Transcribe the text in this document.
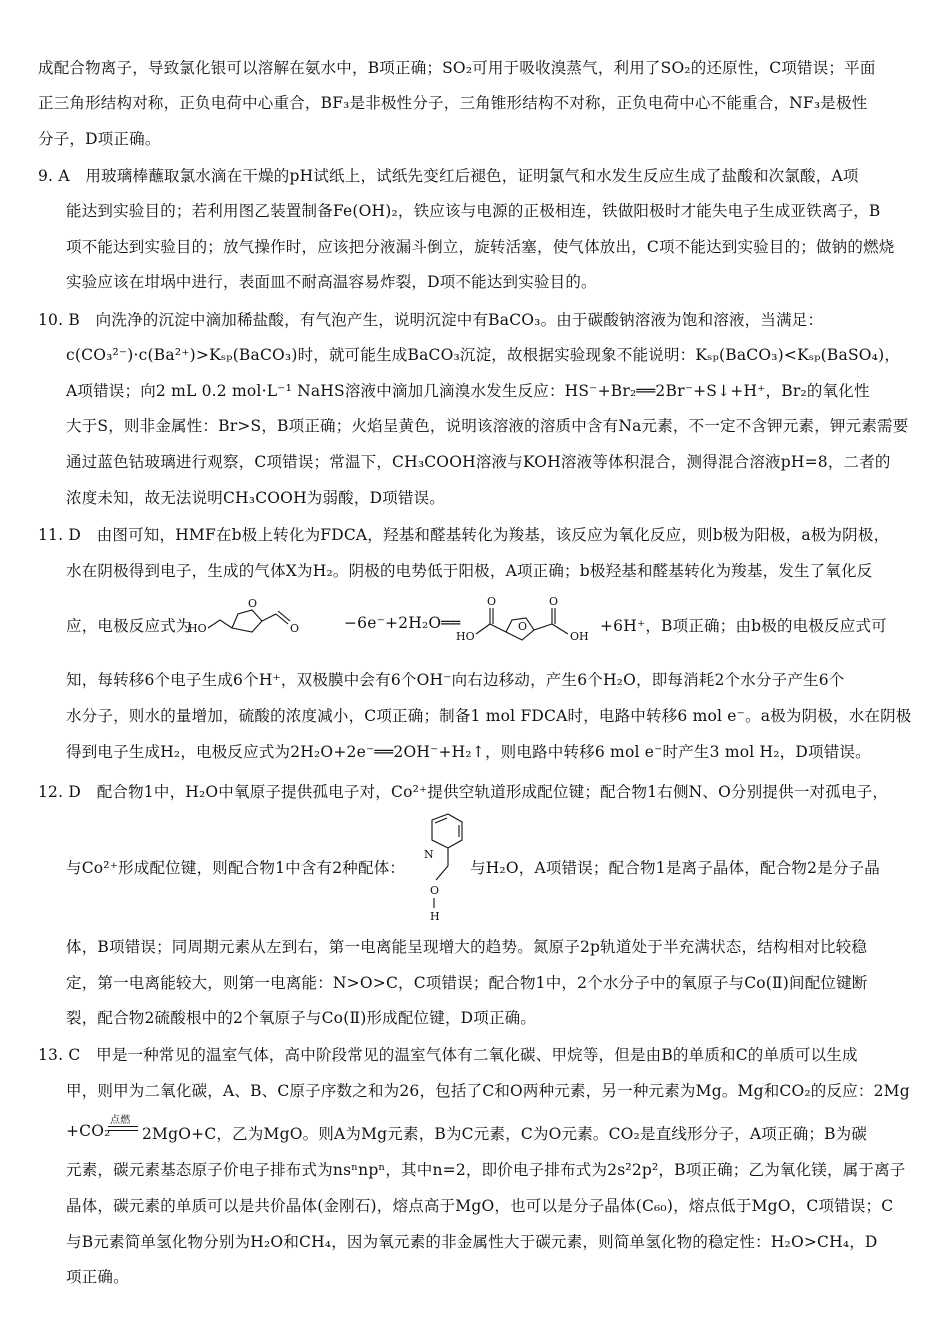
成配合物离子，导致氯化银可以溶解在氨水中，B项正确；SO₂可用于吸收溴蒸气，利用了SO₂的还原性，C项错误；平面
正三角形结构对称，正负电荷中心重合，BF₃是非极性分子，三角锥形结构不对称，正负电荷中心不能重合，NF₃是极性
分子，D项正确。
9. A　用玻璃棒蘸取氯水滴在干燥的pH试纸上，试纸先变红后褪色，证明氯气和水发生反应生成了盐酸和次氯酸，A项
能达到实验目的；若利用图乙装置制备Fe(OH)₂，铁应该与电源的正极相连，铁做阳极时才能失电子生成亚铁离子，B
项不能达到实验目的；放气操作时，应该把分液漏斗倒立，旋转活塞，使气体放出，C项不能达到实验目的；做钠的燃烧
实验应该在坩埚中进行，表面皿不耐高温容易炸裂，D项不能达到实验目的。
10. B　向洗净的沉淀中滴加稀盐酸，有气泡产生，说明沉淀中有BaCO₃。由于碳酸钠溶液为饱和溶液，当满足：
c(CO₃²⁻)·c(Ba²⁺)>Kₛₚ(BaCO₃)时，就可能生成BaCO₃沉淀，故根据实验现象不能说明：Kₛₚ(BaCO₃)<Kₛₚ(BaSO₄)，
A项错误；向2 mL 0.2 mol·L⁻¹ NaHS溶液中滴加几滴溴水发生反应：HS⁻+Br₂══2Br⁻+S↓+H⁺，Br₂的氧化性
大于S，则非金属性：Br>S，B项正确；火焰呈黄色，说明该溶液的溶质中含有Na元素，不一定不含钾元素，钾元素需要
通过蓝色钴玻璃进行观察，C项错误；常温下，CH₃COOH溶液与KOH溶液等体积混合，测得混合溶液pH=8，二者的
浓度未知，故无法说明CH₃COOH为弱酸，D项错误。
11. D　由图可知，HMF在b极上转化为FDCA，羟基和醛基转化为羧基，该反应为氧化反应，则b极为阳极，a极为阴极，
水在阴极得到电子，生成的气体X为H₂。阴极的电势低于阳极，A项正确；b极羟基和醛基转化为羧基，发生了氧化反
应，电极反应式为	−6e⁻+2H₂O══	+6H⁺，B项正确；由b极的电极反应式可
知，每转移6个电子生成6个H⁺，双极膜中会有6个OH⁻向右边移动，产生6个H₂O，即每消耗2个水分子产生6个
水分子，则水的量增加，硫酸的浓度减小，C项正确；制备1 mol FDCA时，电路中转移6 mol e⁻。a极为阴极，水在阴极
得到电子生成H₂，电极反应式为2H₂O+2e⁻══2OH⁻+H₂↑，则电路中转移6 mol e⁻时产生3 mol H₂，D项错误。
HO
O
O
HO
O
O
O
OH
12. D　配合物1中，H₂O中氧原子提供孤电子对，Co²⁺提供空轨道形成配位键；配合物1右侧N、O分别提供一对孤电子，
与Co²⁺形成配位键，则配合物1中含有2种配体：	与H₂O，A项错误；配合物1是离子晶体，配合物2是分子晶
体，B项错误；同周期元素从左到右，第一电离能呈现增大的趋势。氮原子2p轨道处于半充满状态，结构相对比较稳
定，第一电离能较大，则第一电离能：N>O>C，C项错误；配合物1中，2个水分子中的氧原子与Co(Ⅱ)间配位键断
裂，配合物2硫酸根中的2个氧原子与Co(Ⅱ)形成配位键，D项正确。
N
O
H
13. C　甲是一种常见的温室气体，高中阶段常见的温室气体有二氧化碳、甲烷等，但是由B的单质和C的单质可以生成
甲，则甲为二氧化碳，A、B、C原子序数之和为26，包括了C和O两种元素，另一种元素为Mg。Mg和CO₂的反应：2Mg
+CO₂
点燃
2MgO+C，乙为MgO。则A为Mg元素，B为C元素，C为O元素。CO₂是直线形分子，A项正确；B为碳
元素，碳元素基态原子价电子排布式为nsⁿnpⁿ，其中n=2，即价电子排布式为2s²2p²，B项正确；乙为氧化镁，属于离子
晶体，碳元素的单质可以是共价晶体(金刚石)，熔点高于MgO，也可以是分子晶体(C₆₀)，熔点低于MgO，C项错误；C
与B元素简单氢化物分别为H₂O和CH₄，因为氧元素的非金属性大于碳元素，则简单氢化物的稳定性：H₂O>CH₄，D
项正确。
